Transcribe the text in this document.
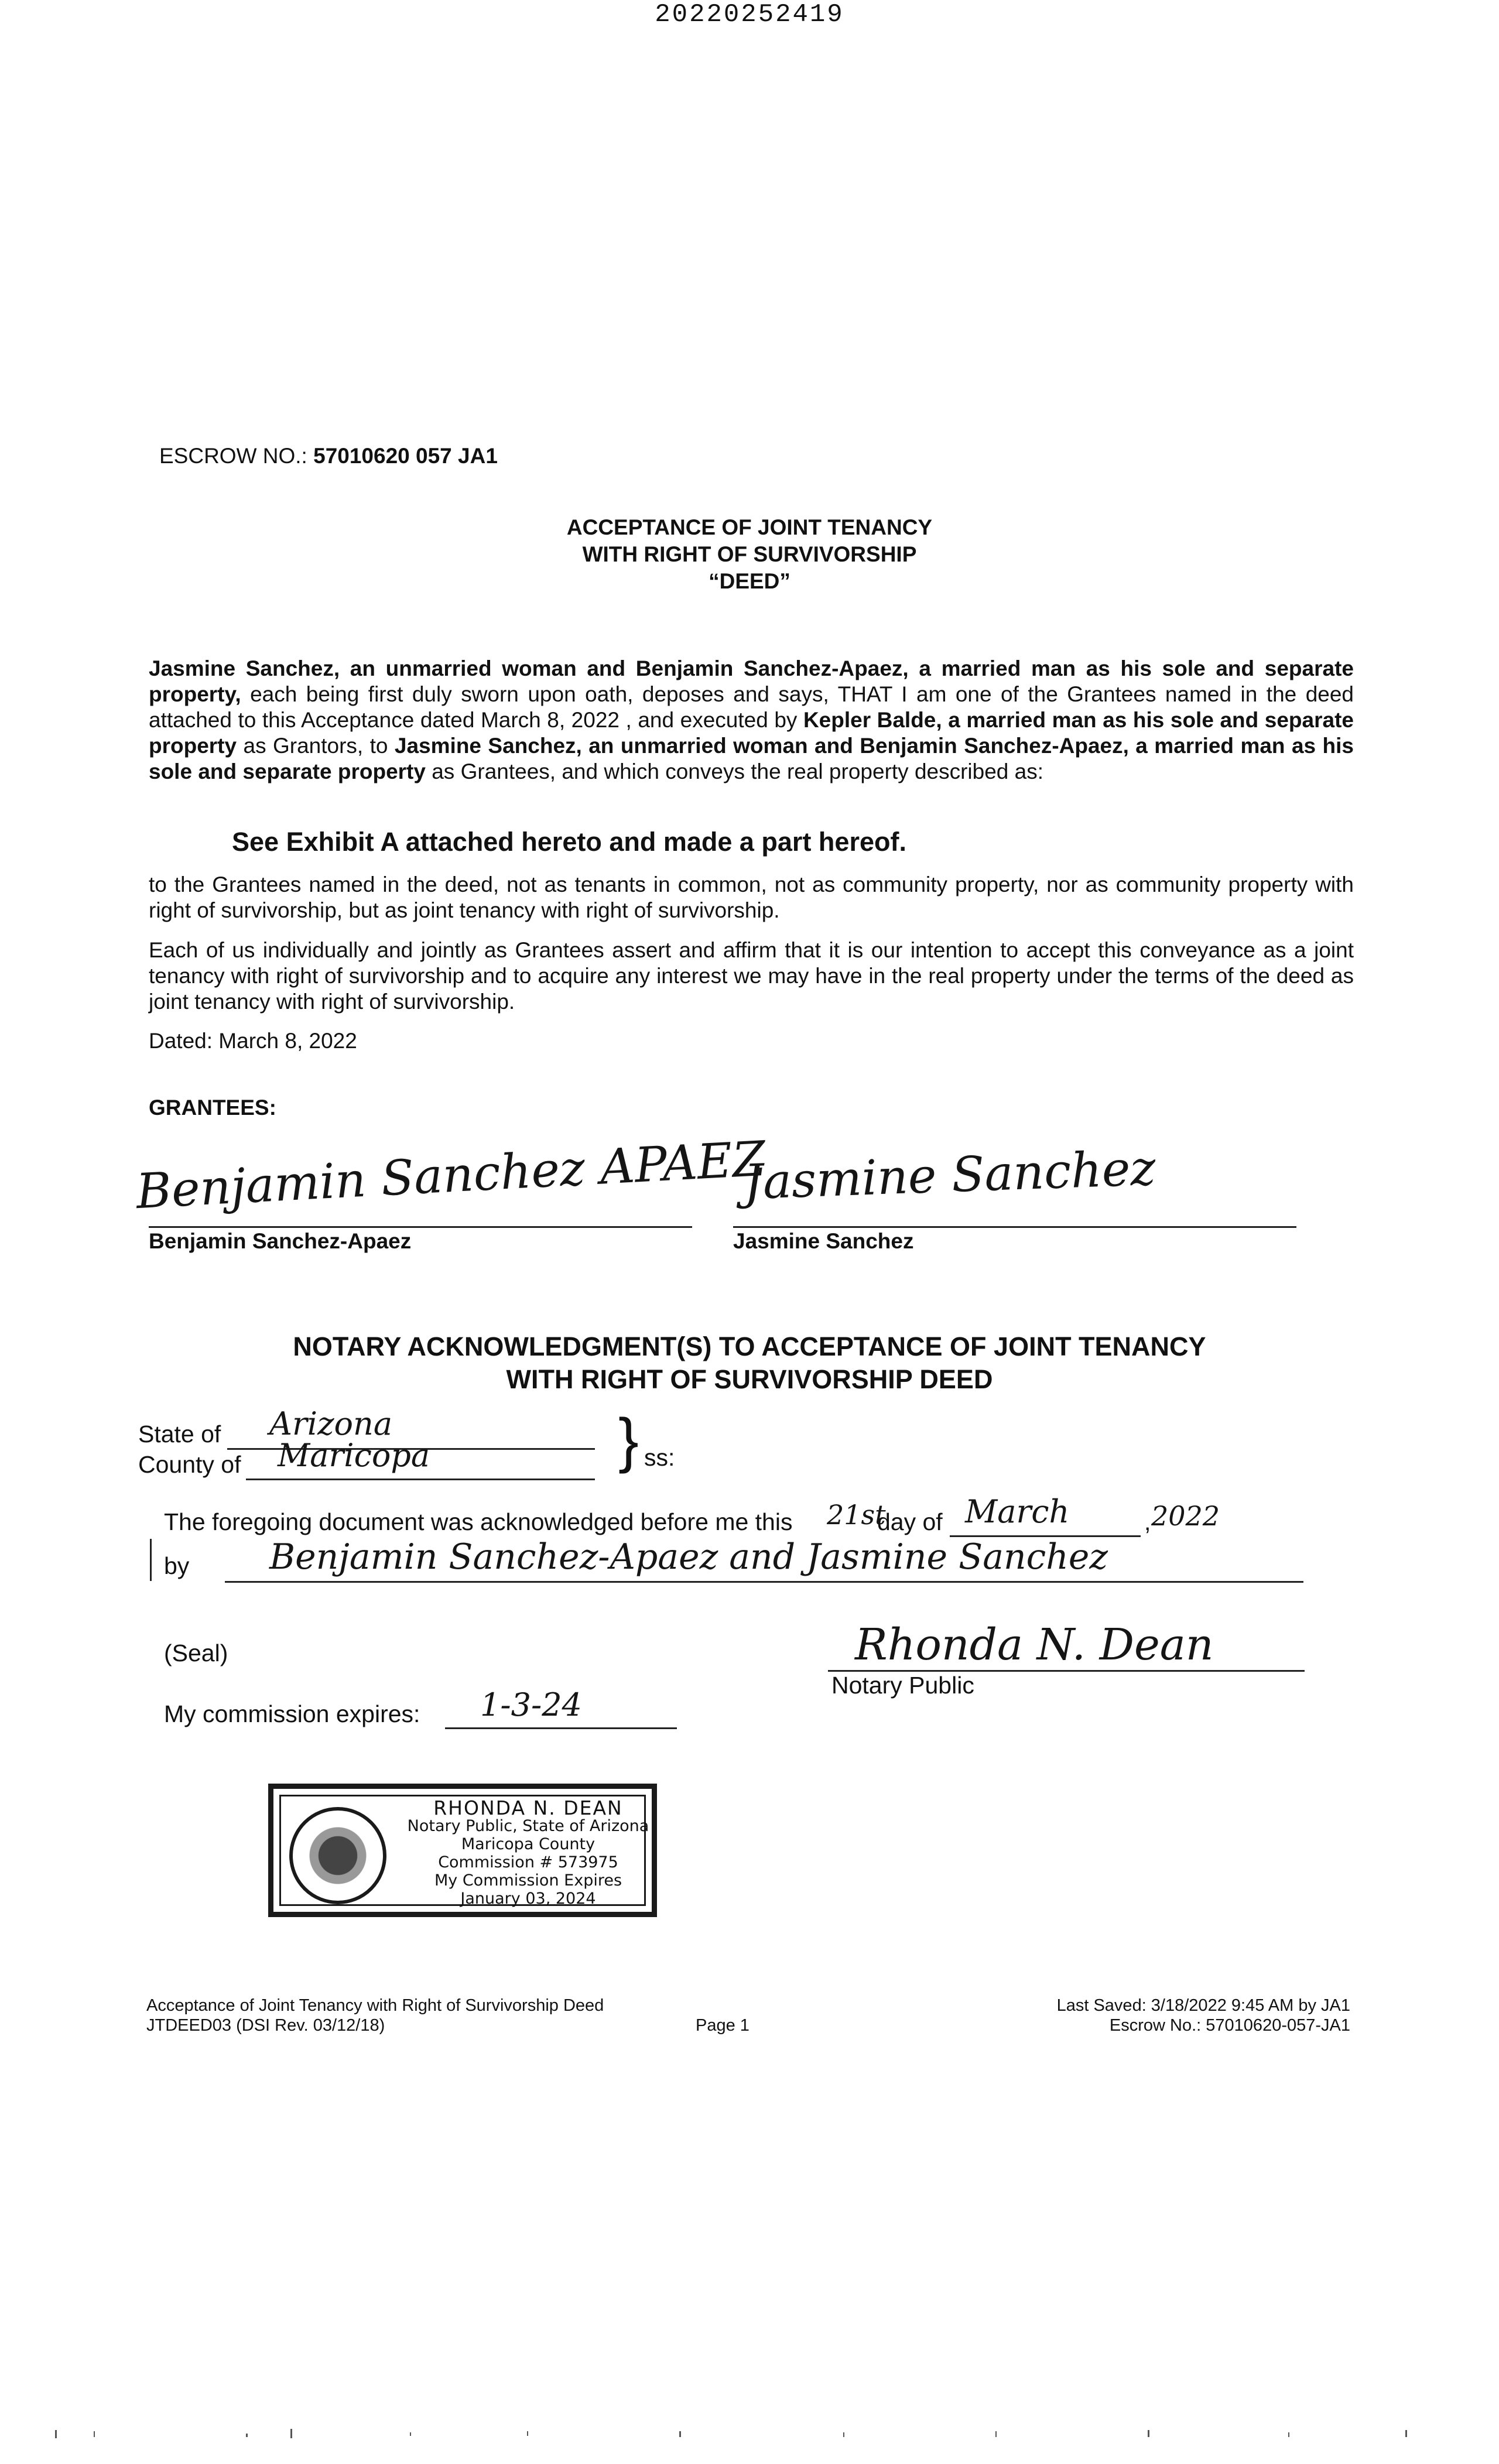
20220252419
ESCROW NO.: 57010620 057 JA1
ACCEPTANCE OF JOINT TENANCY
WITH RIGHT OF SURVIVORSHIP
“DEED”
Jasmine Sanchez, an unmarried woman and Benjamin Sanchez-Apaez, a married man as his sole and separate property, each being first duly sworn upon oath, deposes and says, THAT I am one of the Grantees named in the deed attached to this Acceptance dated March 8, 2022 , and executed by Kepler Balde, a married man as his sole and separate property as Grantors, to Jasmine Sanchez, an unmarried woman and Benjamin Sanchez-Apaez, a married man as his sole and separate property as Grantees, and which conveys the real property described as:
See Exhibit A attached hereto and made a part hereof.
to the Grantees named in the deed, not as tenants in common, not as community property, nor as community property with right of survivorship, but as joint tenancy with right of survivorship.
Each of us individually and jointly as Grantees assert and affirm that it is our intention to accept this conveyance as a joint tenancy with right of survivorship and to acquire any interest we may have in the real property under the terms of the deed as joint tenancy with right of survivorship.
Dated: March 8, 2022
GRANTEES:
Benjamin Sanchez APAEZ
Benjamin Sanchez-Apaez
Jasmine Sanchez
Jasmine Sanchez
NOTARY ACKNOWLEDGMENT(S) TO ACCEPTANCE OF JOINT TENANCY
WITH RIGHT OF SURVIVORSHIP DEED
State of Arizona
County of Maricopa	} ss:
The foregoing document was acknowledged before me this 21st
day of March	, 2022
by Benjamin Sanchez-Apaez and Jasmine Sanchez
(Seal)	Rhonda N. Dean
Notary Public
My commission expires: 1-3-24
RHONDA N. DEAN
Notary Public, State of Arizona
Maricopa County
Commission # 573975
My Commission Expires
January 03, 2024
Acceptance of Joint Tenancy with Right of Survivorship Deed
JTDEED03 (DSI Rev. 03/12/18)	Page 1
Last Saved: 3/18/2022 9:45 AM by JA1
Escrow No.: 57010620-057-JA1
